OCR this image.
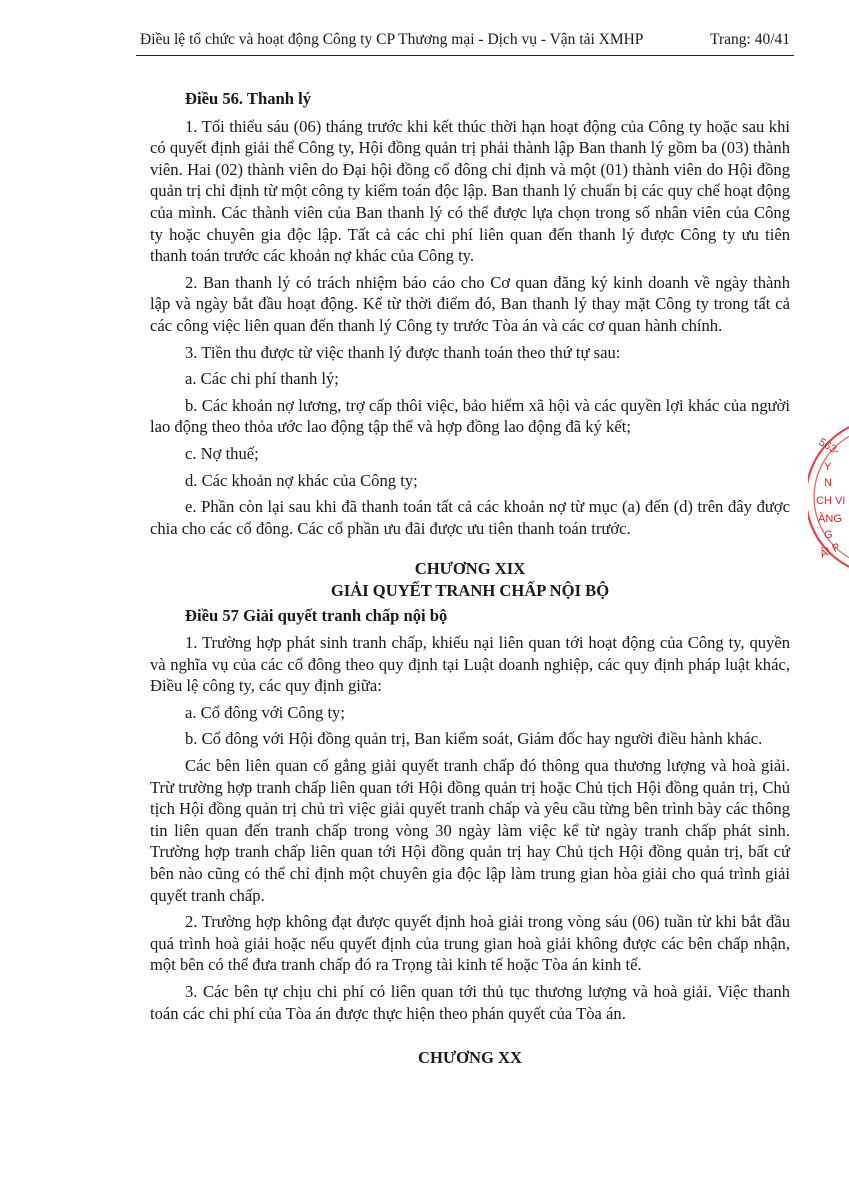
Điều lệ tổ chức và hoạt động Công ty CP Thương mại - Dịch vụ - Vận tải XMHP	Trang: 40/41
Điều 56. Thanh lý

1. Tối thiểu sáu (06) tháng trước khi kết thúc thời hạn hoạt động của Công ty hoặc sau khi có quyết định giải thể Công ty, Hội đồng quản trị phải thành lập Ban thanh lý gồm ba (03) thành viên. Hai (02) thành viên do Đại hội đồng cổ đông chỉ định và một (01) thành viên do Hội đồng quản trị chỉ định từ một công ty kiểm toán độc lập. Ban thanh lý chuẩn bị các quy chế hoạt động của mình. Các thành viên của Ban thanh lý có thể được lựa chọn trong số nhân viên của Công ty hoặc chuyên gia độc lập. Tất cả các chi phí liên quan đến thanh lý được Công ty ưu tiên thanh toán trước các khoản nợ khác của Công ty.

2. Ban thanh lý có trách nhiệm báo cáo cho Cơ quan đăng ký kinh doanh về ngày thành lập và ngày bắt đầu hoạt động. Kể từ thời điểm đó, Ban thanh lý thay mặt Công ty trong tất cả các công việc liên quan đến thanh lý Công ty trước Tòa án và các cơ quan hành chính.

3. Tiền thu được từ việc thanh lý được thanh toán theo thứ tự sau:

a. Các chi phí thanh lý;

b. Các khoản nợ lương, trợ cấp thôi việc, bảo hiểm xã hội và các quyền lợi khác của người lao động theo thỏa ước lao động tập thể và hợp đồng lao động đã ký kết;

c. Nợ thuế;

d. Các khoản nợ khác của Công ty;

e. Phần còn lại sau khi đã thanh toán tất cả các khoản nợ từ mục (a) đến (d) trên đây được chia cho các cổ đông. Các cổ phần ưu đãi được ưu tiên thanh toán trước.

CHƯƠNG XIX
GIẢI QUYẾT TRANH CHẤP NỘI BỘ
Điều 57 Giải quyết tranh chấp nội bộ

1. Trường hợp phát sinh tranh chấp, khiếu nại liên quan tới hoạt động của Công ty, quyền và nghĩa vụ của các cổ đông theo quy định tại Luật doanh nghiệp, các quy định pháp luật khác, Điều lệ công ty, các quy định giữa:

a. Cổ đông với Công ty;

b. Cổ đông với Hội đồng quản trị, Ban kiểm soát, Giám đốc hay người điều hành khác.

Các bên liên quan cố gắng giải quyết tranh chấp đó thông qua thương lượng và hoà giải. Trừ trường hợp tranh chấp liên quan tới Hội đồng quản trị hoặc Chủ tịch Hội đồng quản trị, Chủ tịch Hội đồng quản trị chủ trì việc giải quyết tranh chấp và yêu cầu từng bên trình bày các thông tin liên quan đến tranh chấp trong vòng 30 ngày làm việc kể từ ngày tranh chấp phát sinh. Trường hợp tranh chấp liên quan tới Hội đồng quản trị hay Chủ tịch Hội đồng quản trị, bất cứ bên nào cũng có thể chỉ định một chuyên gia độc lập làm trung gian hòa giải cho quá trình giải quyết tranh chấp.

2. Trường hợp không đạt được quyết định hoà giải trong vòng sáu (06) tuần từ khi bắt đầu quá trình hoà giải hoặc nếu quyết định của trung gian hoà giải không được các bên chấp nhận, một bên có thể đưa tranh chấp đó ra Trọng tài kinh tế hoặc Tòa án kinh tế.

3. Các bên tự chịu chi phí có liên quan tới thủ tục thương lượng và hoà giải. Việc thanh toán các chi phí của Tòa án được thực hiện theo phán quyết của Tòa án.

CHƯƠNG XX
563-
Y
N
CH VI
ĂNG
G
ẢI P
